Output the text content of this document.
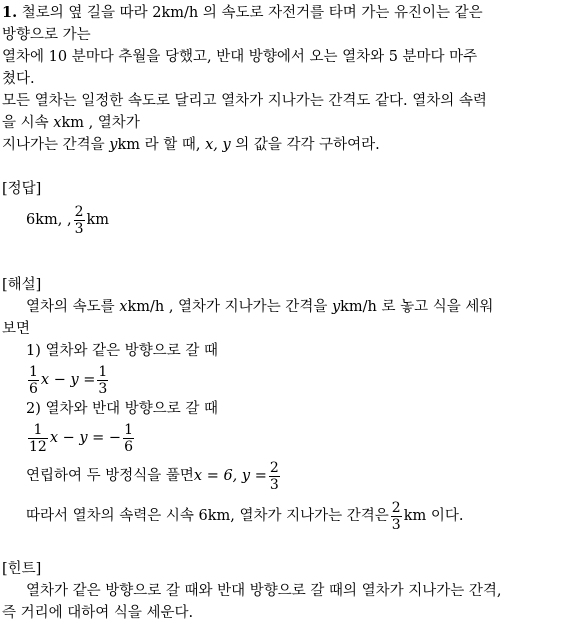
1. 철로의 옆 길을 따라 2km/h 의 속도로 자전거를 타며 가는 유진이는 같은
방향으로 가는
열차에 10 분마다 추월을 당했고, 반대 방향에서 오는 열차와 5 분마다 마주
쳤다.
모든 열차는 일정한 속도로 달리고 열차가 지나가는 간격도 같다. 열차의 속력
을 시속 xkm , 열차가
지나가는 간격을 ykm 라 할 때, x, y 의 값을 각각 구하여라.
[정답]
6km, , $\frac{2}{3}$ km
[해설]
열차의 속도를 xkm/h , 열차가 지나가는 간격을 ykm/h 로 놓고 식을 세워
보면
1) 열차와 같은 방향으로 갈 때
$\frac{1}{6}$ $x - y = \frac{1}{3}$
2) 열차와 반대 방향으로 갈 때
$\frac{1}{12}$ x − y = − $\frac{1}{6}$
연립하여 두 방정식을 풀면 x = 6, $y = \frac{2}{3}$
따라서 열차의 속력은 시속 6km, 열차가 지나가는 간격은 $\frac{2}{3}$ km 이다.
[힌트]
열차가 같은 방향으로 갈 때와 반대 방향으로 갈 때의 열차가 지나가는 간격,
즉 거리에 대하여 식을 세운다.
